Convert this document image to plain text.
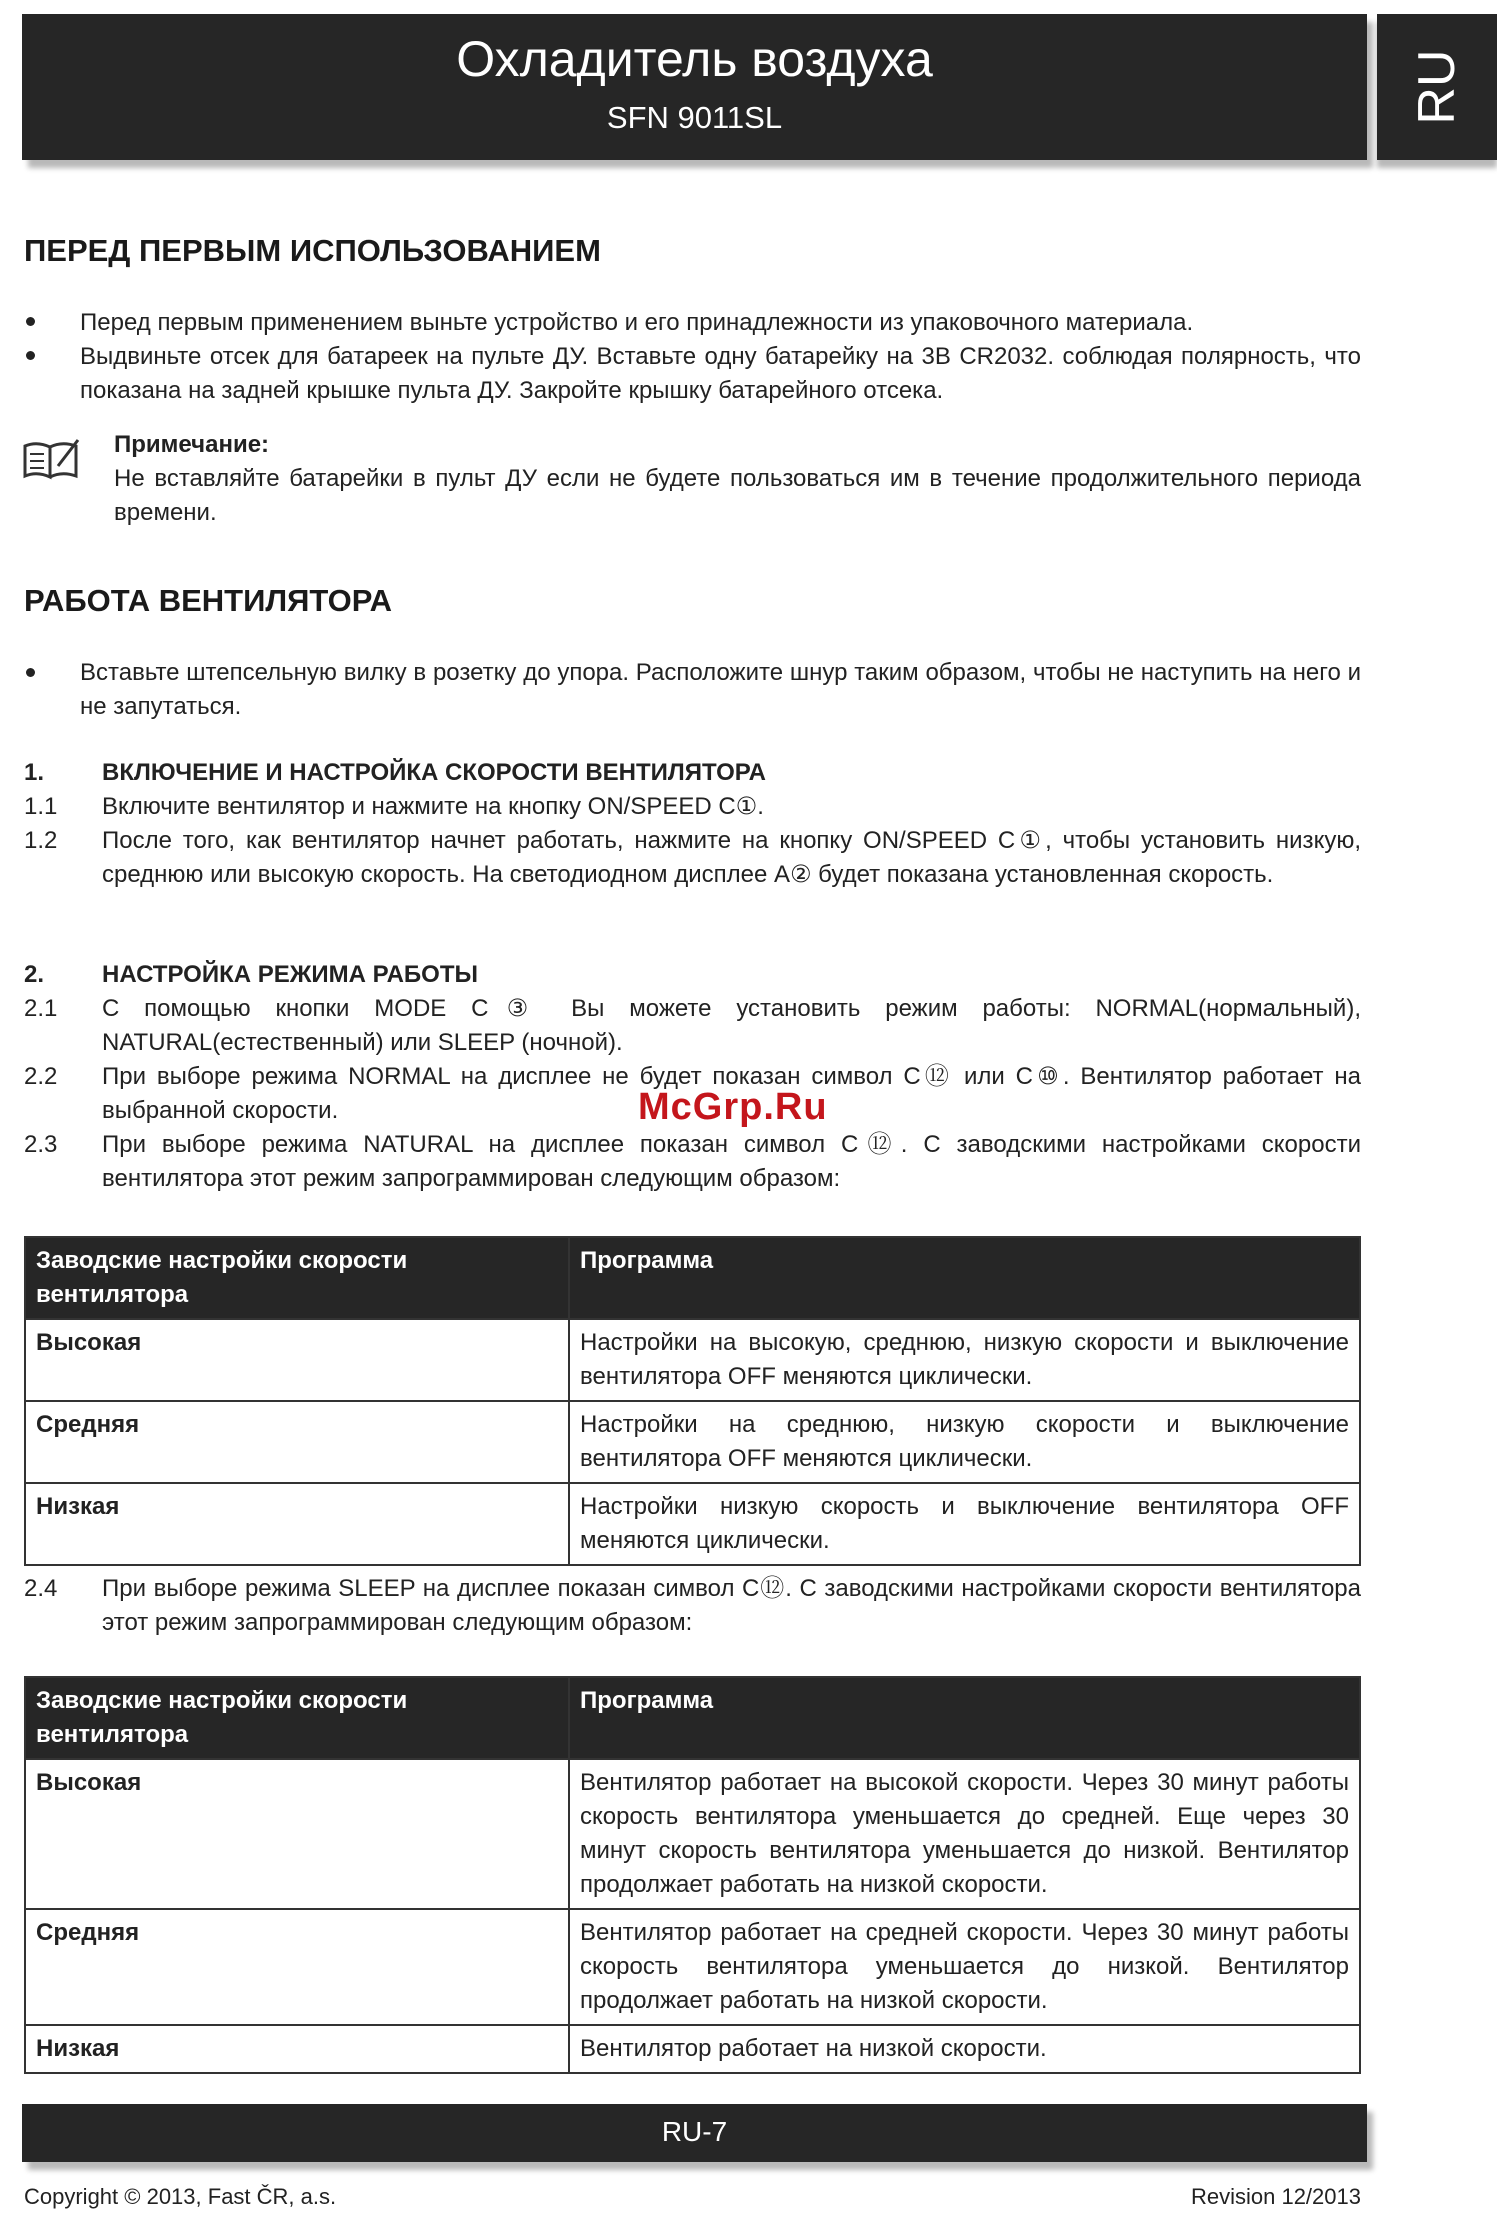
Охладитель воздуха
SFN 9011SL	RU
ПЕРЕД ПЕРВЫМ ИСПОЛЬЗОВАНИЕМ
Перед первым применением выньте устройство и его принадлежности из упаковочного материала.
Выдвиньте отсек для батареек на пульте ДУ. Вставьте одну батарейку на 3В CR2032. соблюдая полярность, что показана на задней крышке пульта ДУ. Закройте крышку батарейного отсека.
Примечание:
Не вставляйте батарейки в пульт ДУ если не будете пользоваться им в течение продолжительного периода времени.
РАБОТА ВЕНТИЛЯТОРА
Вставьте штепсельную вилку в розетку до упора. Расположите шнур таким образом, чтобы не наступить на него и не запутаться.
1. ВКЛЮЧЕНИЕ И НАСТРОЙКА СКОРОСТИ ВЕНТИЛЯТОРА
1.1 Включите вентилятор и нажмите на кнопку ON/SPEED C①.
1.2 После того, как вентилятор начнет работать, нажмите на кнопку ON/SPEED C①, чтобы установить низкую, среднюю или высокую скорость. На светодиодном дисплее A② будет показана установленная скорость.
2. НАСТРОЙКА РЕЖИМА РАБОТЫ
2.1 С помощью кнопки MODE C③ Вы можете установить режим работы: NORMAL(нормальный), NATURAL(естественный) или SLEEP (ночной).
2.2 При выборе режима NORMAL на дисплее не будет показан символ C⑫ или C⑩. Вентилятор работает на выбранной скорости.
2.3 При выборе режима NATURAL на дисплее показан символ C⑫. С заводскими настройками скорости вентилятора этот режим запрограммирован следующим образом:
Заводские настройки скорости вентилятора	Программа
Высокая	Настройки на высокую, среднюю, низкую скорости и выключение вентилятора OFF меняются циклически.
Средняя	Настройки на среднюю, низкую скорости и выключение вентилятора OFF меняются циклически.
Низкая	Настройки низкую скорость и выключение вентилятора OFF меняются циклически.
2.4 При выборе режима SLEEP на дисплее показан символ C⑫. С заводскими настройками скорости вентилятора этот режим запрограммирован следующим образом:
Заводские настройки скорости вентилятора	Программа
Высокая	Вентилятор работает на высокой скорости. Через 30 минут работы скорость вентилятора уменьшается до средней. Еще через 30 минут скорость вентилятора уменьшается до низкой. Вентилятор продолжает работать на низкой скорости.
Средняя	Вентилятор работает на средней скорости. Через 30 минут работы скорость вентилятора уменьшается до низкой. Вентилятор продолжает работать на низкой скорости.
Низкая	Вентилятор работает на низкой скорости.
McGrp.Ru
RU-7
Copyright © 2013, Fast ČR, a.s.	Revision 12/2013
